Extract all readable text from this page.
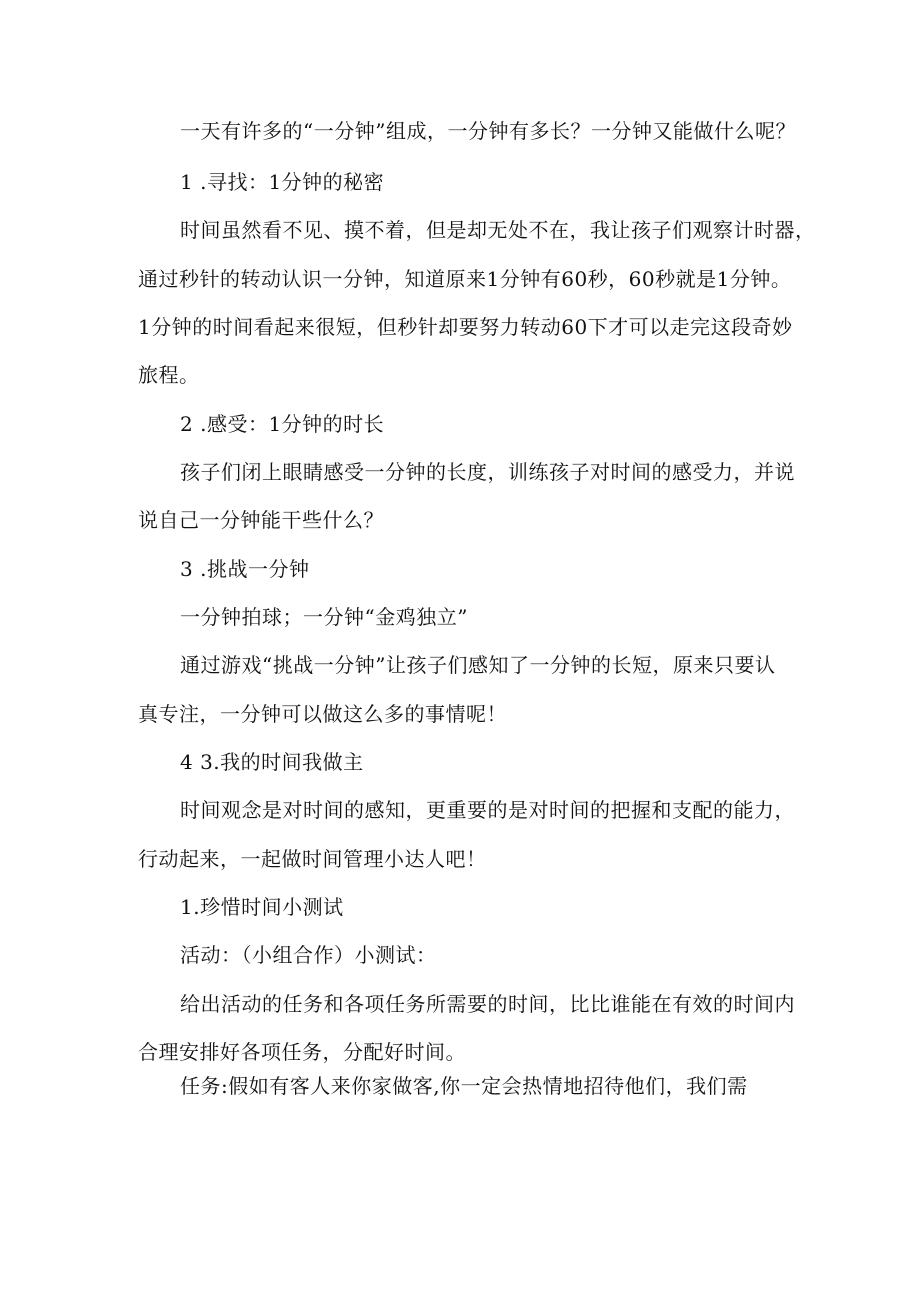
一天有许多的“一分钟”组成，一分钟有多长？一分钟又能做什么呢？
1 .寻找：1分钟的秘密
时间虽然看不见、摸不着，但是却无处不在，我让孩子们观察计时器，
通过秒针的转动认识一分钟，知道原来1分钟有60秒，60秒就是1分钟。
1分钟的时间看起来很短，但秒针却要努力转动60下才可以走完这段奇妙
旅程。
2 .感受：1分钟的时长
孩子们闭上眼睛感受一分钟的长度，训练孩子对时间的感受力，并说
说自己一分钟能干些什么？
3 .挑战一分钟
一分钟拍球；一分钟“金鸡独立”
通过游戏“挑战一分钟”让孩子们感知了一分钟的长短，原来只要认
真专注，一分钟可以做这么多的事情呢！
4 3.我的时间我做主
时间观念是对时间的感知，更重要的是对时间的把握和支配的能力，
行动起来，一起做时间管理小达人吧！
1.珍惜时间小测试
活动：（小组合作）小测试：
给出活动的任务和各项任务所需要的时间，比比谁能在有效的时间内
合理安排好各项任务，分配好时间。
任务:假如有客人来你家做客,你一定会热情地招待他们，我们需
